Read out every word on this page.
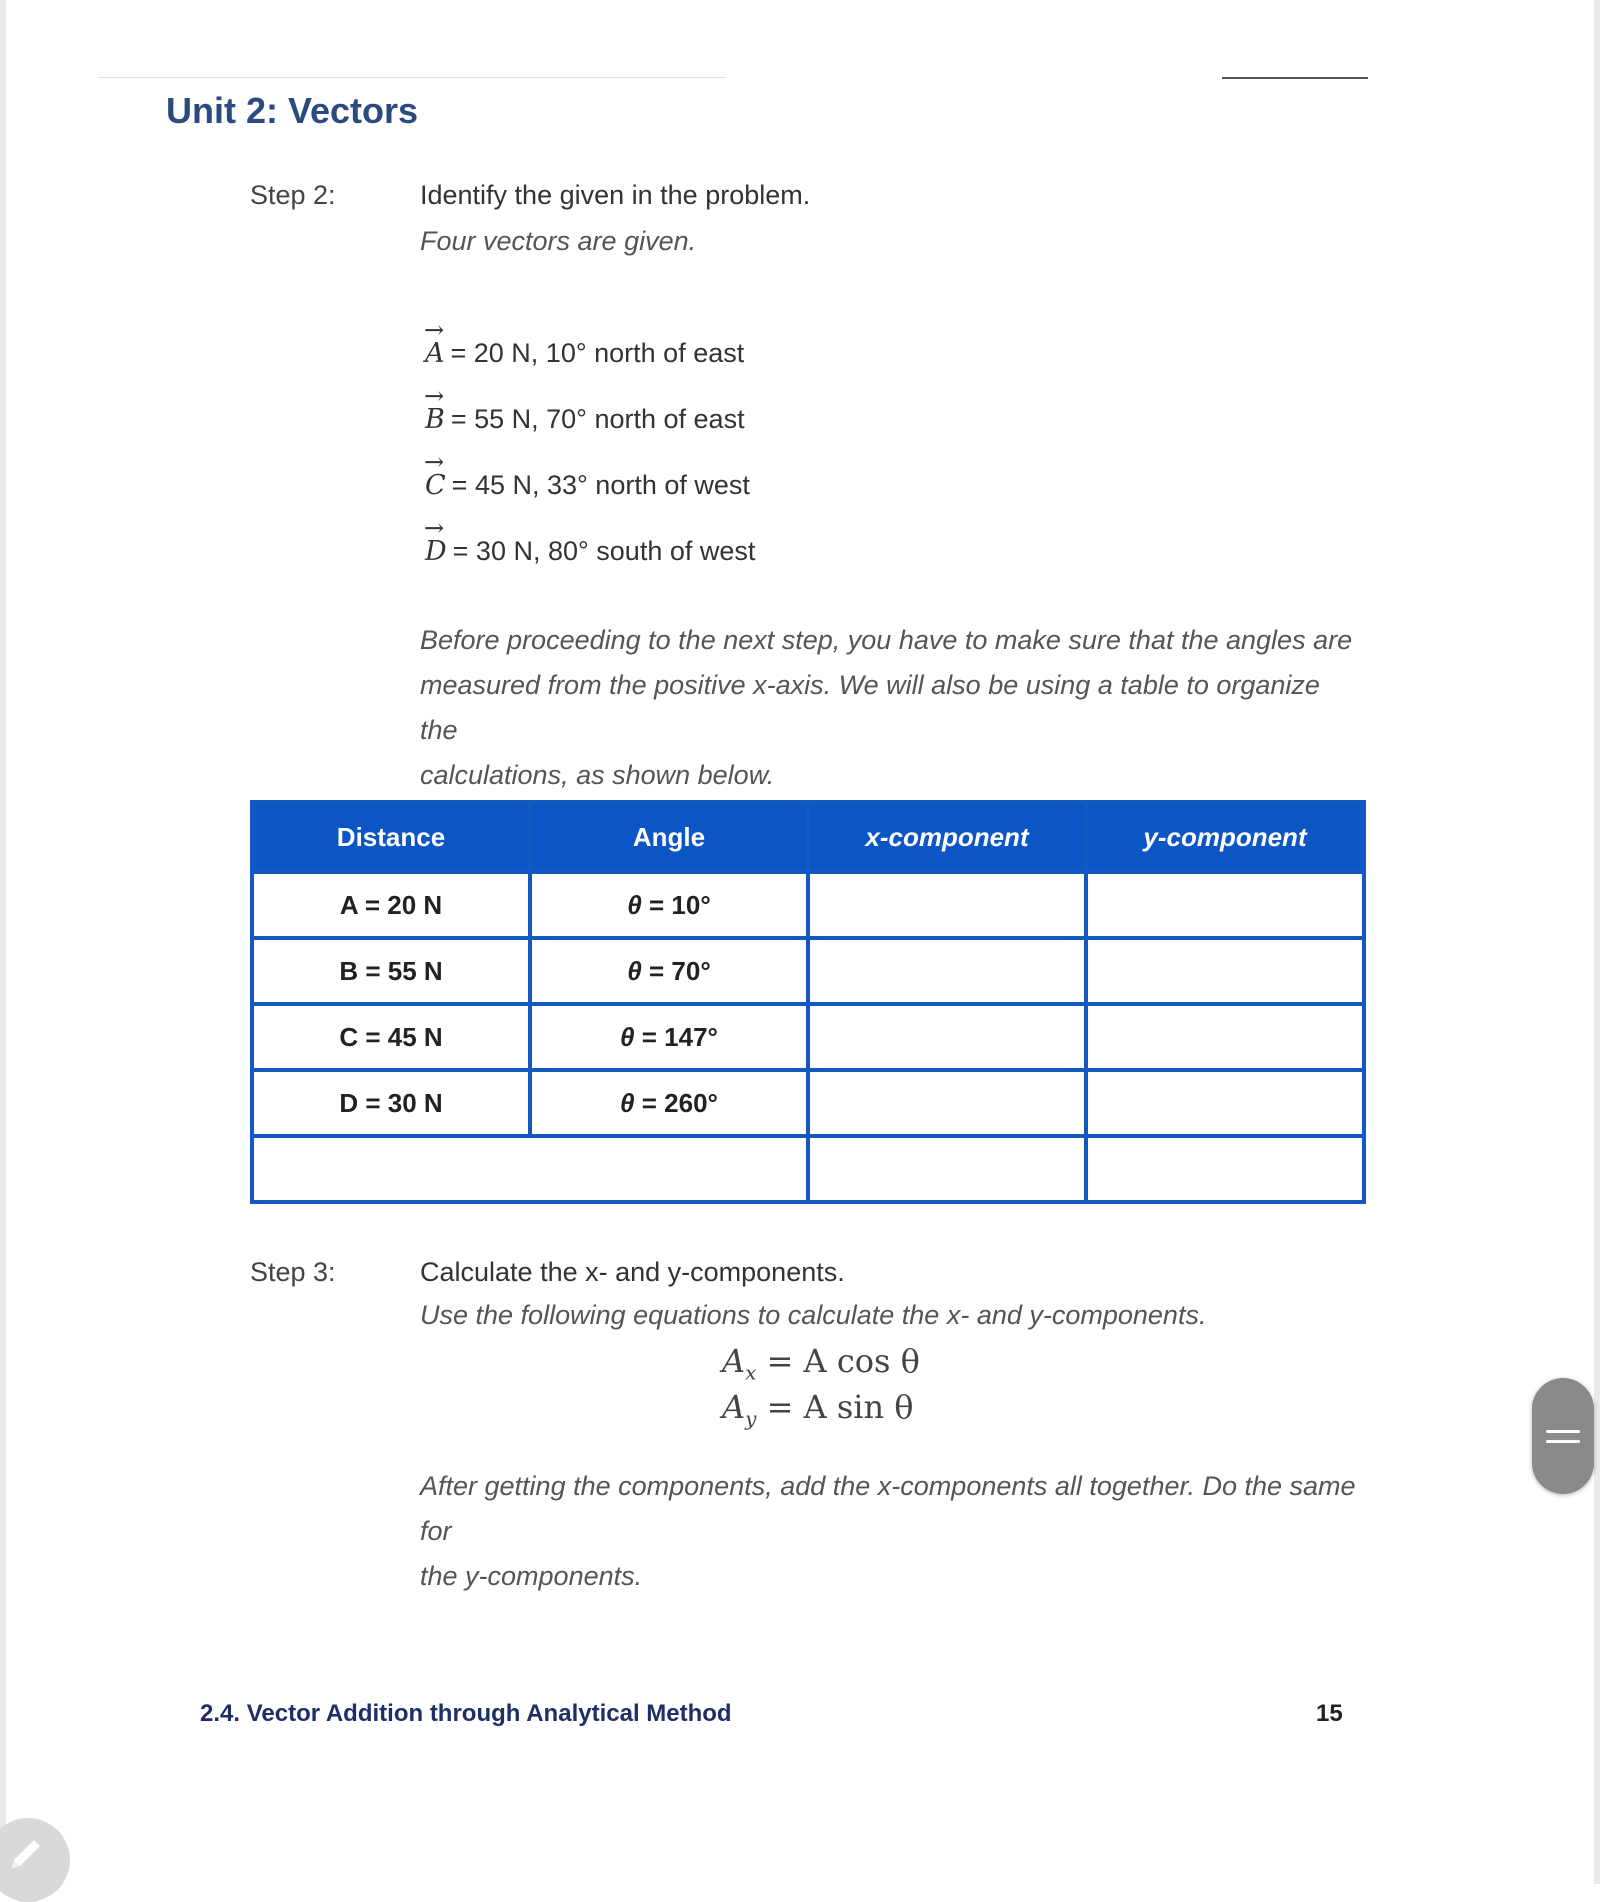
Unit 2: Vectors
Step 2:	Identify the given in the problem.
Four vectors are given.
→ A = 20 N, 10° north of east
→ B = 55 N, 70° north of east
→ C = 45 N, 33° north of west
→ D = 30 N, 80° south of west
Before proceeding to the next step, you have to make sure that the angles are
measured from the positive x-axis. We will also be using a table to organize the
calculations, as shown below.
Distance	Angle	x-component	y-component
A = 20 N	θ = 10°		
B = 55 N	θ = 70°		
C = 45 N	θ = 147°		
D = 30 N	θ = 260°		

Step 3:	Calculate the x- and y-components.
Use the following equations to calculate the x- and y-components.
$A_x = A$ cos θ
$A_y = A$ sin θ
After getting the components, add the x-components all together. Do the same for
the y-components.
2.4. Vector Addition through Analytical Method	15
